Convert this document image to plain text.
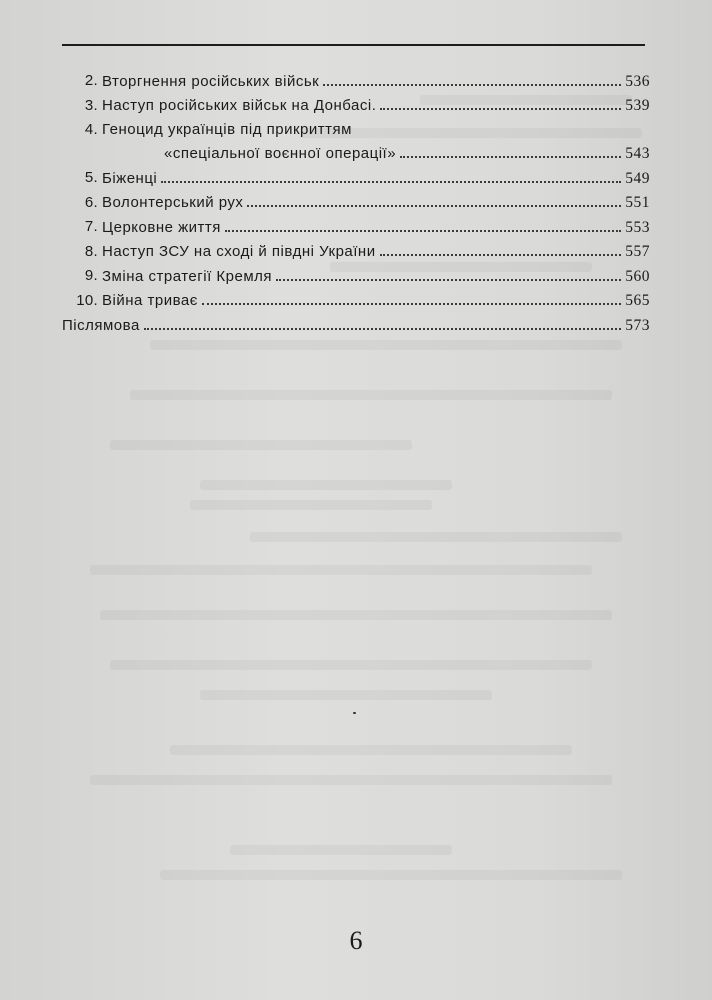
2. Вторгнення російських військ	536
3. Наступ російських військ на Донбасі.	539
4. Геноцид українців під прикриттям
«спеціальної воєнної операції»	543
5. Біженці	549
6. Волонтерський рух	551
7. Церковне життя	553
8. Наступ ЗСУ на сході й півдні України	557
9. Зміна стратегії Кремля	560
10. Війна триває	565
Післямова	573
6
